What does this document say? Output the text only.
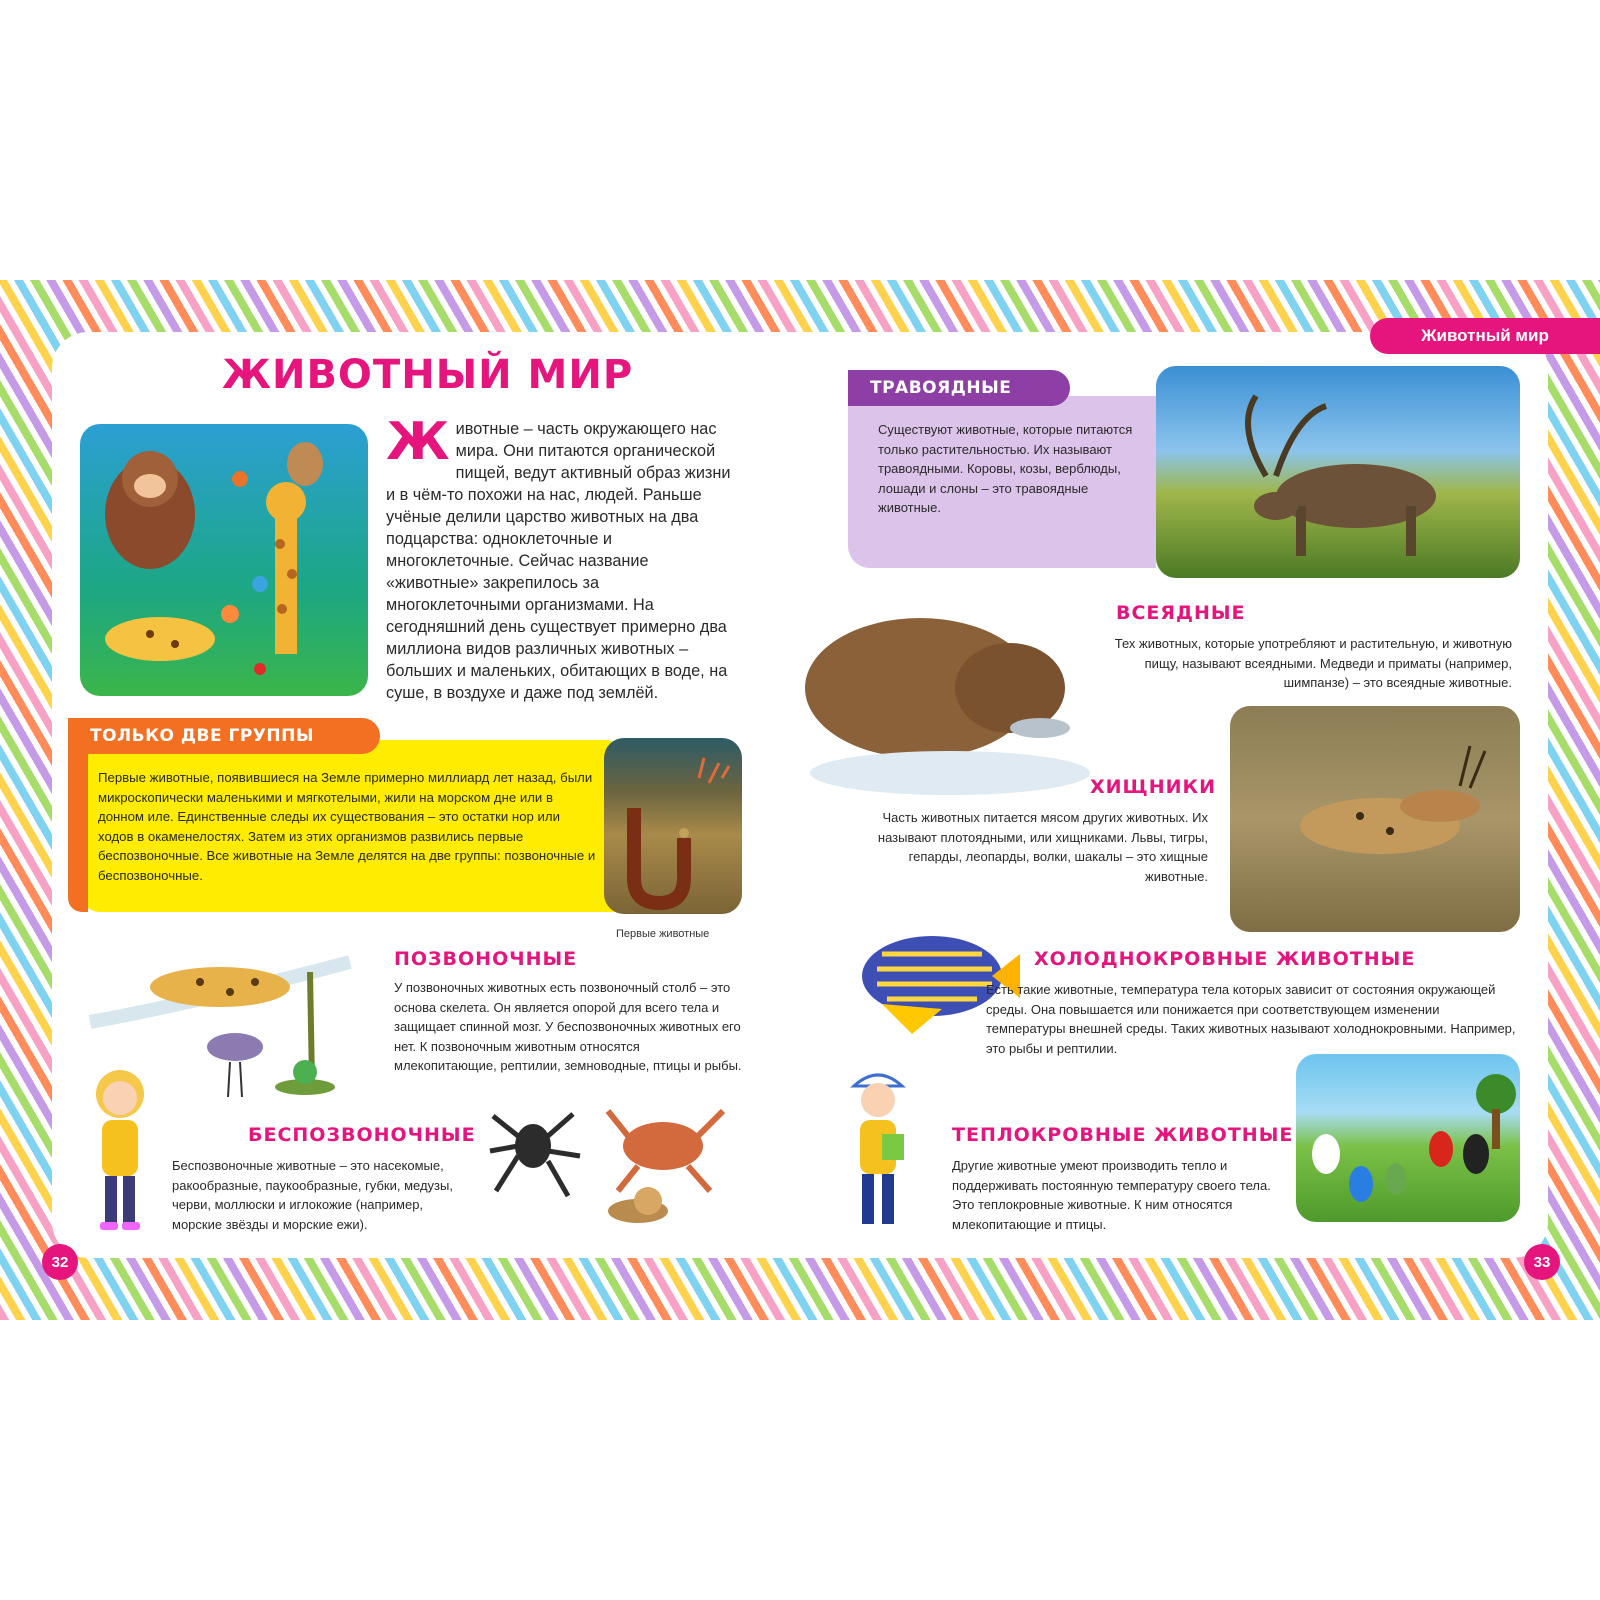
Животный мир
ЖИВОТНЫЙ МИР
Животные – часть окружающего нас мира. Они питаются органической пищей, ведут активный образ жизни и в чём-то похожи на нас, людей. Раньше учёные делили царство животных на два подцарства: одноклеточные и многоклеточные. Сейчас название «животные» закрепилось за многоклеточными организмами. На сегодняшний день существует примерно два миллиона видов различных животных – больших и маленьких, обитающих в воде, на суше, в воздухе и даже под землёй.
ТОЛЬКО ДВЕ ГРУППЫ
Первые животные, появившиеся на Земле примерно миллиард лет назад, были микроскопически маленькими и мягкотелыми, жили на морском дне или в донном иле. Единственные следы их существования – это остатки нор или ходов в окаменелостях. Затем из этих организмов развились первые беспозвоночные. Все животные на Земле делятся на две группы: позвоночные и беспозвоночные.
Первые животные
ПОЗВОНОЧНЫЕ
У позвоночных животных есть позвоночный столб – это основа скелета. Он является опорой для всего тела и защищает спинной мозг. У беспозвоночных животных его нет. К позвоночным животным относятся млекопитающие, рептилии, земноводные, птицы и рыбы.
БЕСПОЗВОНОЧНЫЕ
Беспозвоночные животные – это насекомые, ракообразные, паукообразные, губки, медузы, черви, моллюски и иглокожие (например, морские звёзды и морские ежи).
32
ТРАВОЯДНЫЕ
Существуют животные, которые питаются только растительностью. Их называют травоядными. Коровы, козы, верблюды, лошади и слоны – это травоядные животные.
ВСЕЯДНЫЕ
Тех животных, которые употребляют и растительную, и животную пищу, называют всеядными. Медведи и приматы (например, шимпанзе) – это всеядные животные.
ХИЩНИКИ
Часть животных питается мясом других животных. Их называют плотоядными, или хищниками. Львы, тигры, гепарды, леопарды, волки, шакалы – это хищные животные.
ХОЛОДНОКРОВНЫЕ ЖИВОТНЫЕ
Есть такие животные, температура тела которых зависит от состояния окружающей среды. Она повышается или понижается при соответствующем изменении температуры внешней среды. Таких животных называют холоднокровными. Например, это рыбы и рептилии.
ТЕПЛОКРОВНЫЕ ЖИВОТНЫЕ
Другие животные умеют производить тепло и поддерживать постоянную температуру своего тела. Это теплокровные животные. К ним относятся млекопитающие и птицы.
33
